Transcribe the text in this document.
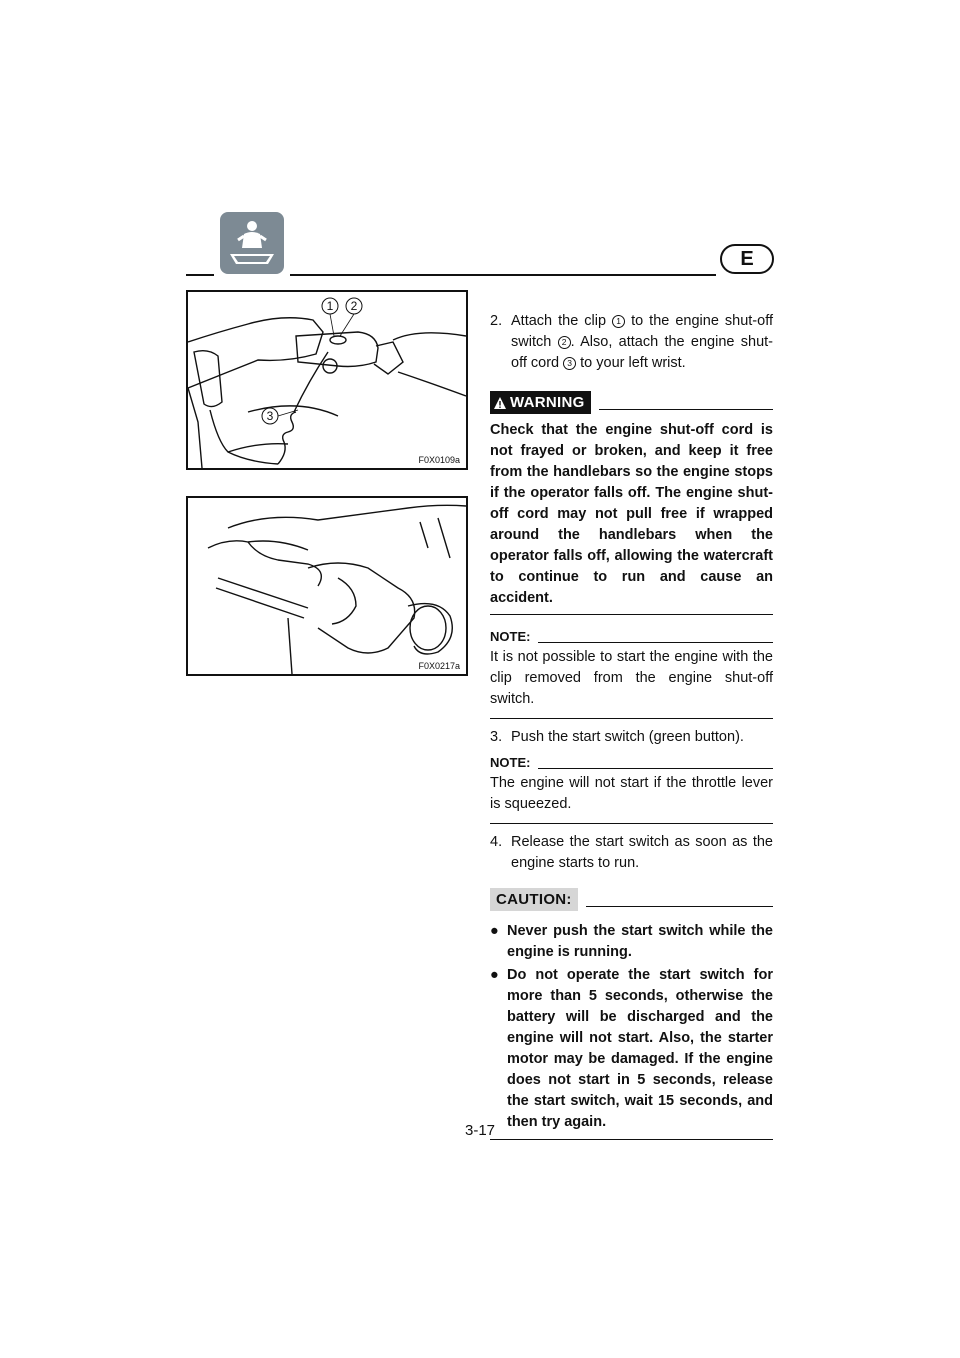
E
1 2
3
F0X0109a
F0X0217a
2. Attach the clip 1 to the engine shut-off switch 2 . Also, attach the engine shut-off cord 3 to your left wrist.
WARNING
Check that the engine shut-off cord is not frayed or broken, and keep it free from the handlebars so the engine stops if the operator falls off. The engine shut-off cord may not pull free if wrapped around the handlebars when the operator falls off, allowing the watercraft to continue to run and cause an accident.
NOTE:
It is not possible to start the engine with the clip removed from the engine shut-off switch.
3. Push the start switch (green button).
NOTE:
The engine will not start if the throttle lever is squeezed.
4. Release the start switch as soon as the engine starts to run.
CAUTION:
● Never push the start switch while the engine is running.
● Do not operate the start switch for more than 5 seconds, otherwise the battery will be discharged and the engine will not start. Also, the starter motor may be damaged. If the engine does not start in 5 seconds, release the start switch, wait 15 seconds, and then try again.
3-17
